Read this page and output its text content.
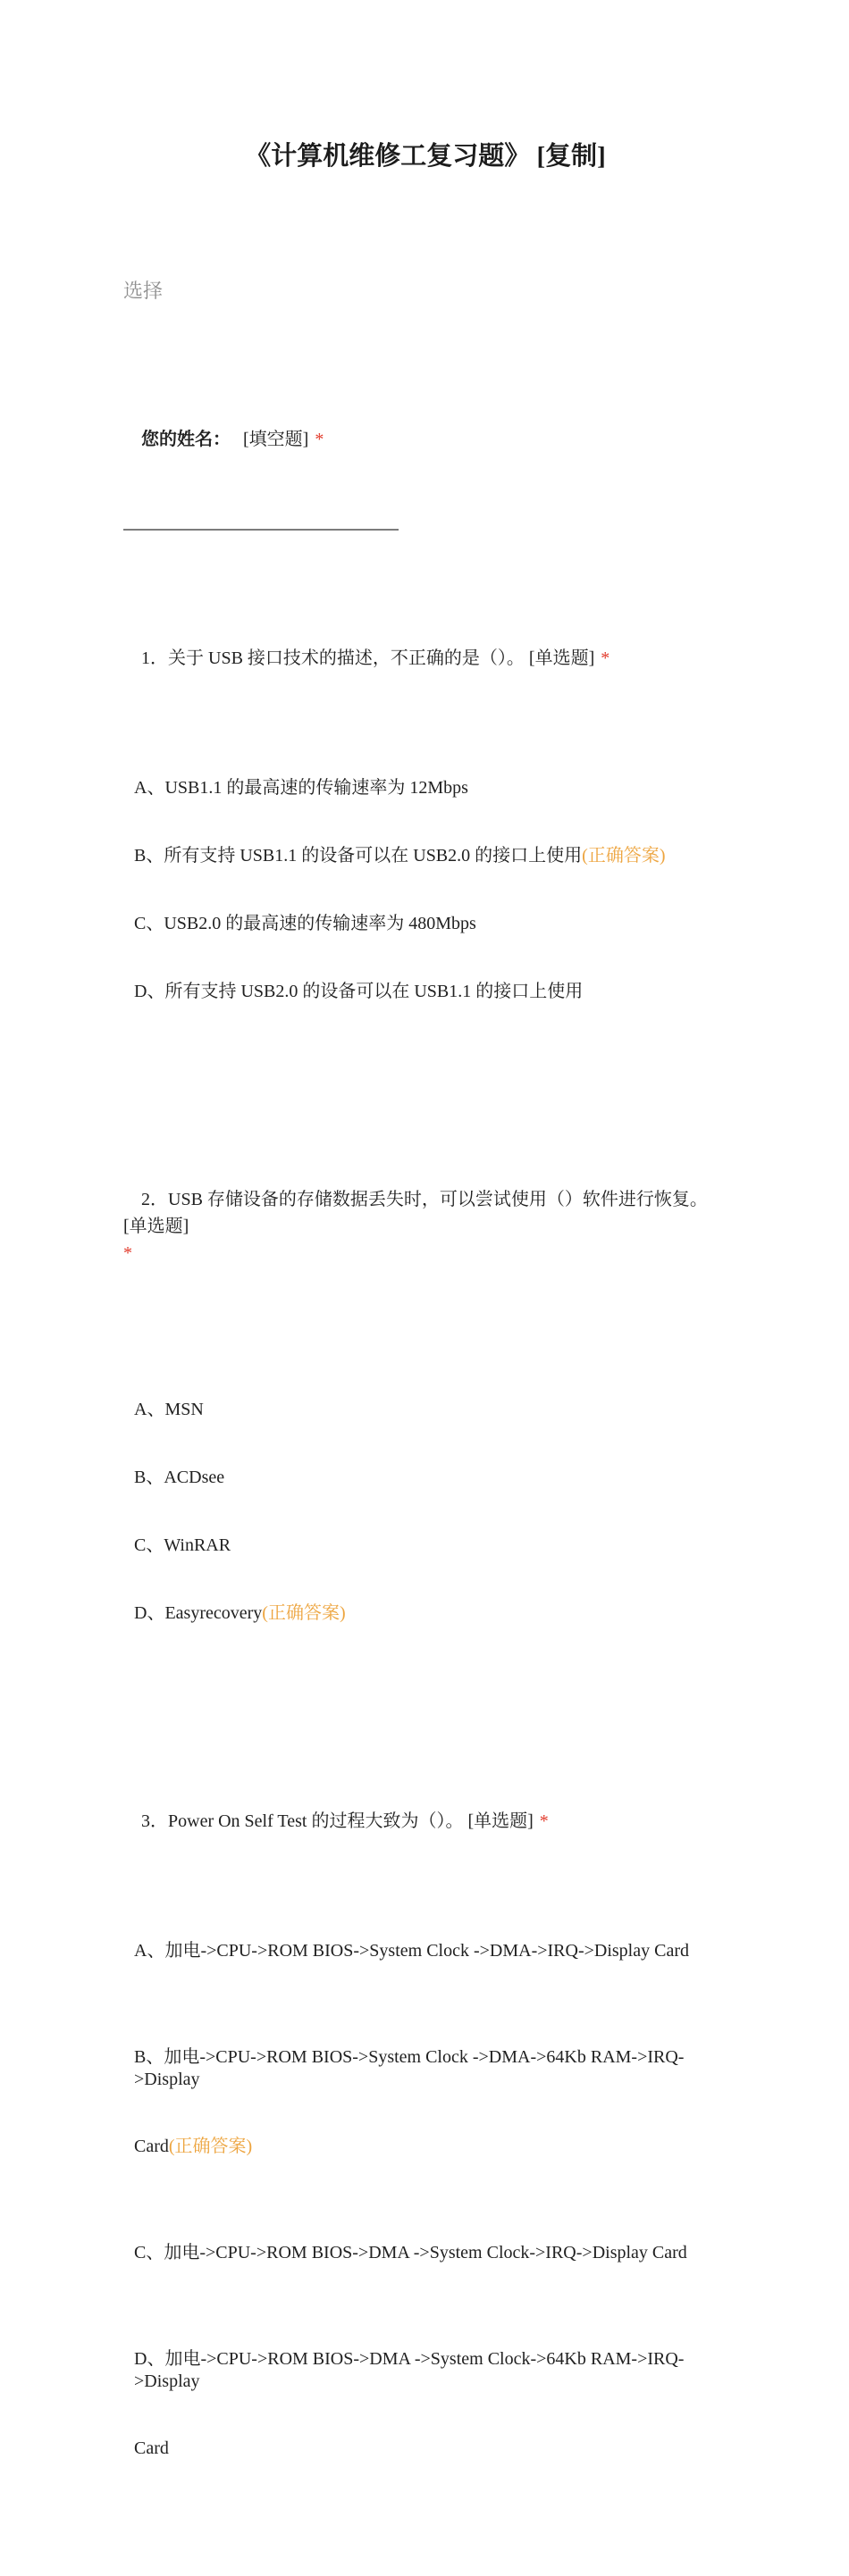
《计算机维修工复习题》 [复制]

选择

您的姓名： [填空题] *

1．关于 USB 接口技术的描述，不正确的是（）。 [单选题] *

A、USB1.1 的最高速的传输速率为 12Mbps

B、所有支持 USB1.1 的设备可以在 USB2.0 的接口上使用(正确答案)

C、USB2.0 的最高速的传输速率为 480Mbps

D、所有支持 USB2.0 的设备可以在 USB1.1 的接口上使用

2．USB 存储设备的存储数据丢失时，可以尝试使用（）软件进行恢复。 [单选题]
*

A、MSN

B、ACDsee

C、WinRAR

D、Easyrecovery(正确答案)

3．Power On Self Test 的过程大致为（）。 [单选题] *

A、加电->CPU->ROM BIOS->System Clock ->DMA->IRQ->Display Card

B、加电->CPU->ROM BIOS->System Clock ->DMA->64Kb RAM->IRQ->Display

Card(正确答案)

C、加电->CPU->ROM BIOS->DMA ->System Clock->IRQ->Display Card

D、加电->CPU->ROM BIOS->DMA ->System Clock->64Kb RAM->IRQ->Display

Card
